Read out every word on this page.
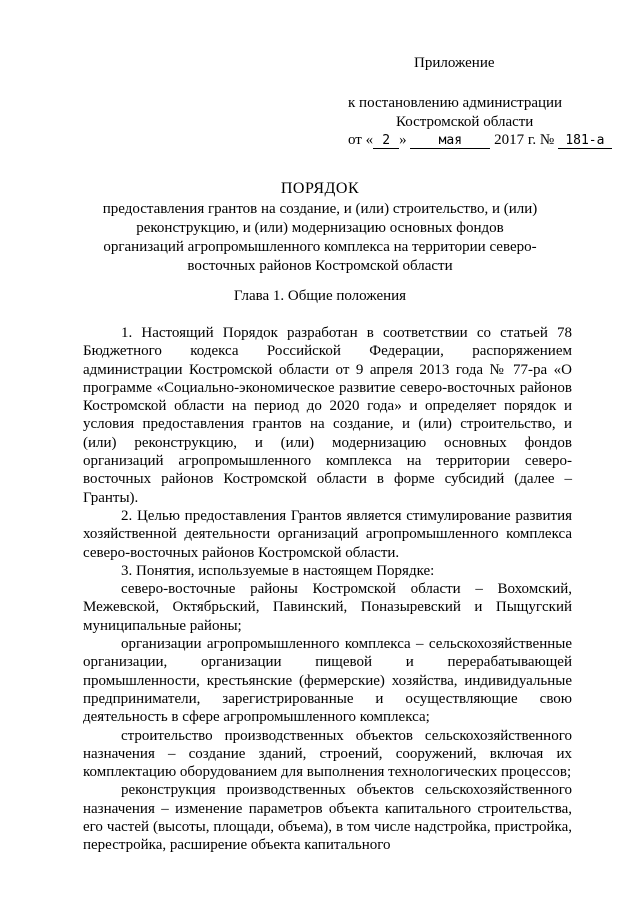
Приложение
к постановлению администрации
Костромской области
от « 2 » мая 2017 г. № 181-а
ПОРЯДОК
предоставления грантов на создание, и (или) строительство, и (или) реконструкцию, и (или) модернизацию основных фондов организаций агропромышленного комплекса на территории северо-восточных районов Костромской области
Глава 1. Общие положения

1. Настоящий Порядок разработан в соответствии со статьей 78 Бюджетного кодекса Российской Федерации, распоряжением администрации Костромской области от 9 апреля 2013 года № 77-ра «О программе «Социально-экономическое развитие северо-восточных районов Костромской области на период до 2020 года» и определяет порядок и условия предоставления грантов на создание, и (или) строительство, и (или) реконструкцию, и (или) модернизацию основных фондов организаций агропромышленного комплекса на территории северо-восточных районов Костромской области в форме субсидий (далее – Гранты).

2. Целью предоставления Грантов является стимулирование развития хозяйственной деятельности организаций агропромышленного комплекса северо-восточных районов Костромской области.

3. Понятия, используемые в настоящем Порядке:

северо-восточные районы Костромской области – Вохомский, Межевской, Октябрьский, Павинский, Поназыревский и Пыщугский муниципальные районы;

организации агропромышленного комплекса – сельскохозяйственные организации, организации пищевой и перерабатывающей промышленности, крестьянские (фермерские) хозяйства, индивидуальные предприниматели, зарегистрированные и осуществляющие свою деятельность в сфере агропромышленного комплекса;

строительство производственных объектов сельскохозяйственного назначения – создание зданий, строений, сооружений, включая их комплектацию оборудованием для выполнения технологических процессов;

реконструкция производственных объектов сельскохозяйственного назначения – изменение параметров объекта капитального строительства, его частей (высоты, площади, объема), в том числе надстройка, пристройка, перестройка, расширение объекта капитального
